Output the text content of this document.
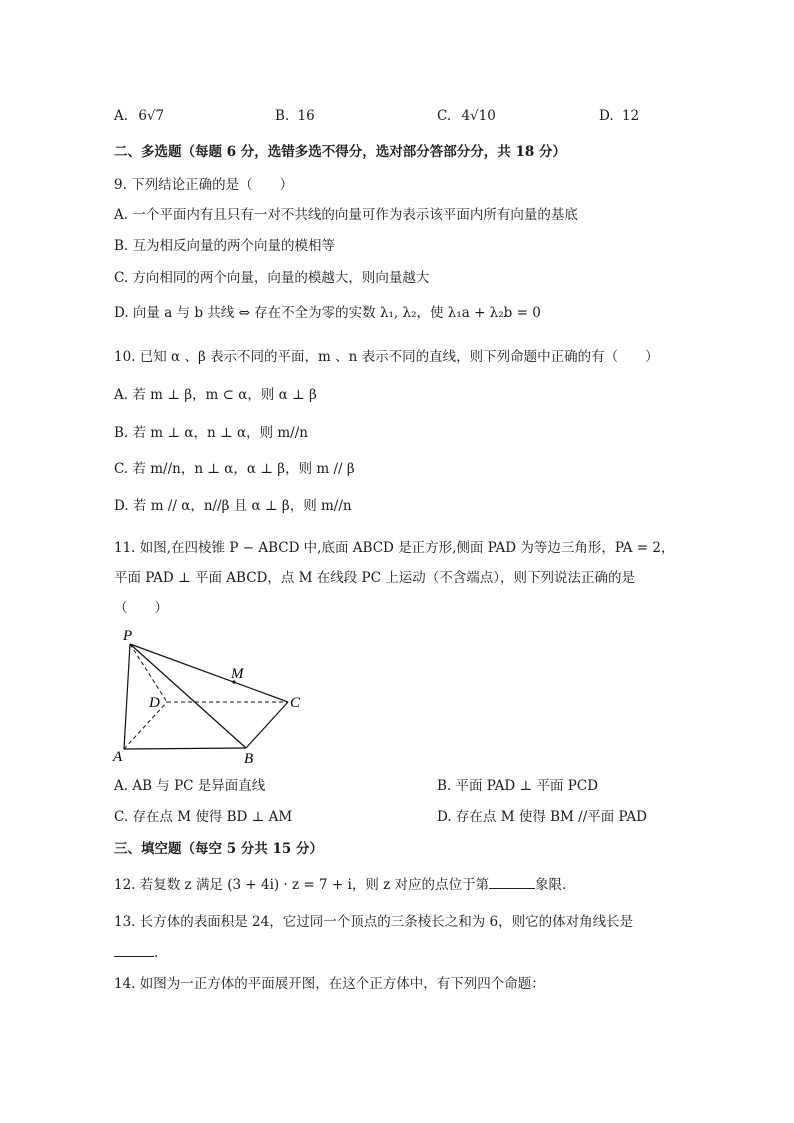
A. 6√7	B. 16	C. 4√10	D. 12
二、多选题（每题 6 分，选错多选不得分，选对部分答部分分，共 18 分）
9. 下列结论正确的是（　　）
A. 一个平面内有且只有一对不共线的向量可作为表示该平面内所有向量的基底
B. 互为相反向量的两个向量的模相等
C. 方向相同的两个向量，向量的模越大，则向量越大
D. 向量 a 与 b 共线 ⇔ 存在不全为零的实数 λ₁, λ₂，使 λ₁a + λ₂b = 0
10. 已知 α 、β 表示不同的平面，m 、n 表示不同的直线，则下列命题中正确的有（　　）
A. 若 m ⊥ β，m ⊂ α，则 α ⊥ β
B. 若 m ⊥ α，n ⊥ α，则 m//n
C. 若 m//n，n ⊥ α，α ⊥ β，则 m // β
D. 若 m // α，n//β 且 α ⊥ β，则 m//n
11. 如图,在四棱锥 P − ABCD 中,底面 ABCD 是正方形,侧面 PAD 为等边三角形，PA = 2，
平面 PAD ⊥ 平面 ABCD，点 M 在线段 PC 上运动（不含端点），则下列说法正确的是
（　　）
P
M
D	C
A	B
A. AB 与 PC 是异面直线	B. 平面 PAD ⊥ 平面 PCD
C. 存在点 M 使得 BD ⊥ AM	D. 存在点 M 使得 BM //平面 PAD
三、填空题（每空 5 分共 15 分）
12. 若复数 z 满足 (3 + 4i) · z = 7 + i，则 z 对应的点位于第	象限.
13. 长方体的表面积是 24，它过同一个顶点的三条棱长之和为 6，则它的体对角线长是
.
14. 如图为一正方体的平面展开图，在这个正方体中，有下列四个命题：
